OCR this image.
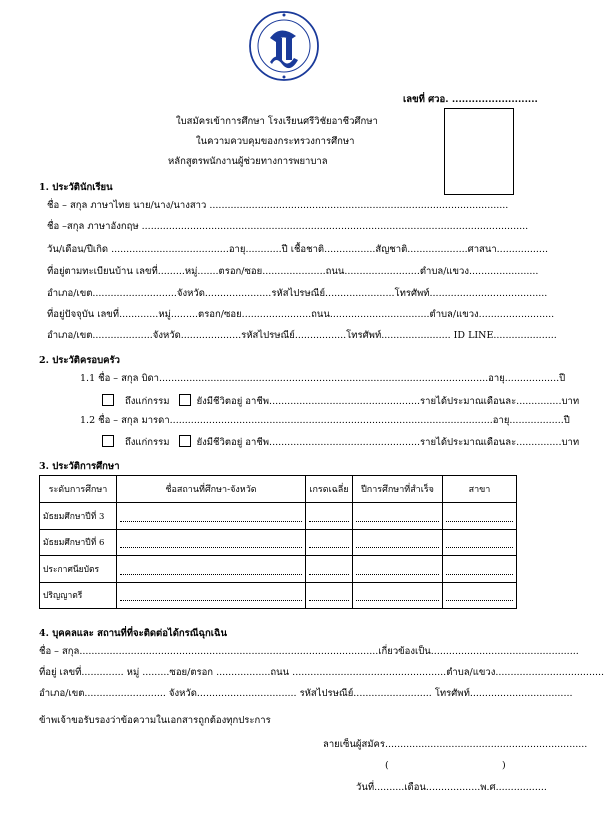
เลขที่ ศวอ. ..........................
ใบสมัครเข้าการศึกษา โรงเรียนศรีวิชัยอาชีวศึกษา
ในความควบคุมของกระทรวงการศึกษา
หลักสูตรพนักงานผู้ช่วยทางการพยาบาล
1. ประวัตินักเรียน
ชื่อ – สกุล ภาษาไทย นาย/นาง/นางสาว ...................................................................................................
ชื่อ –สกุล ภาษาอังกฤษ ................................................................................................................................
วัน/เดือน/ปีเกิด .......................................อายุ............ปี เชื้อชาติ.................สัญชาติ....................ศาสนา.................
ที่อยู่ตามทะเบียนบ้าน เลขที่.........หมู่.......ตรอก/ซอย.....................ถนน.........................ตำบล/แขวง.......................
อำเภอ/เขต............................จังหวัด......................รหัสไปรษณีย์.......................โทรศัพท์.......................................
ที่อยู่ปัจจุบัน เลขที่.............หมู่.........ตรอก/ซอย.......................ถนน.................................ตำบล/แขวง.........................
อำเภอ/เขต....................จังหวัด....................รหัสไปรษณีย์.................โทรศัพท์....................... ID LINE.....................
2. ประวัติครอบครัว
1.1 ชื่อ – สกุล บิดา.............................................................................................................อายุ..................ปี
ถึงแก่กรรม	ยังมีชีวิตอยู่ อาชีพ..................................................รายได้ประมาณเดือนละ...............บาท
1.2 ชื่อ – สกุล มารดา...........................................................................................................อายุ..................ปี
ถึงแก่กรรม	ยังมีชีวิตอยู่ อาชีพ..................................................รายได้ประมาณเดือนละ...............บาท
3. ประวัติการศึกษา
ระดับการศึกษา	ชื่อสถานที่ศึกษา-จังหวัด	เกรดเฉลี่ย	ปีการศึกษาที่สำเร็จ	สาขา
มัธยมศึกษาปีที่ 3	

มัธยมศึกษาปีที่ 6	

ประกาศนียบัตร	

ปริญญาตรี	

4. บุคคลและ สถานที่ที่จะติดต่อได้กรณีฉุกเฉิน
ชื่อ – สกุล...................................................................................................เกี่ยวข้องเป็น.................................................
ที่อยู่ เลขที่.............. หมู่ .........ซอย/ตรอก ..................ถนน ...................................................ตำบล/แขวง....................................
อำเภอ/เขต........................... จังหวัด................................. รหัสไปรษณีย์.......................... โทรศัพท์..................................
ข้าพเจ้าขอรับรองว่าข้อความในเอกสารถูกต้องทุกประการ
ลายเซ็นผู้สมัคร...................................................................
(	)
วันที่..........เดือน..................พ.ศ.................
